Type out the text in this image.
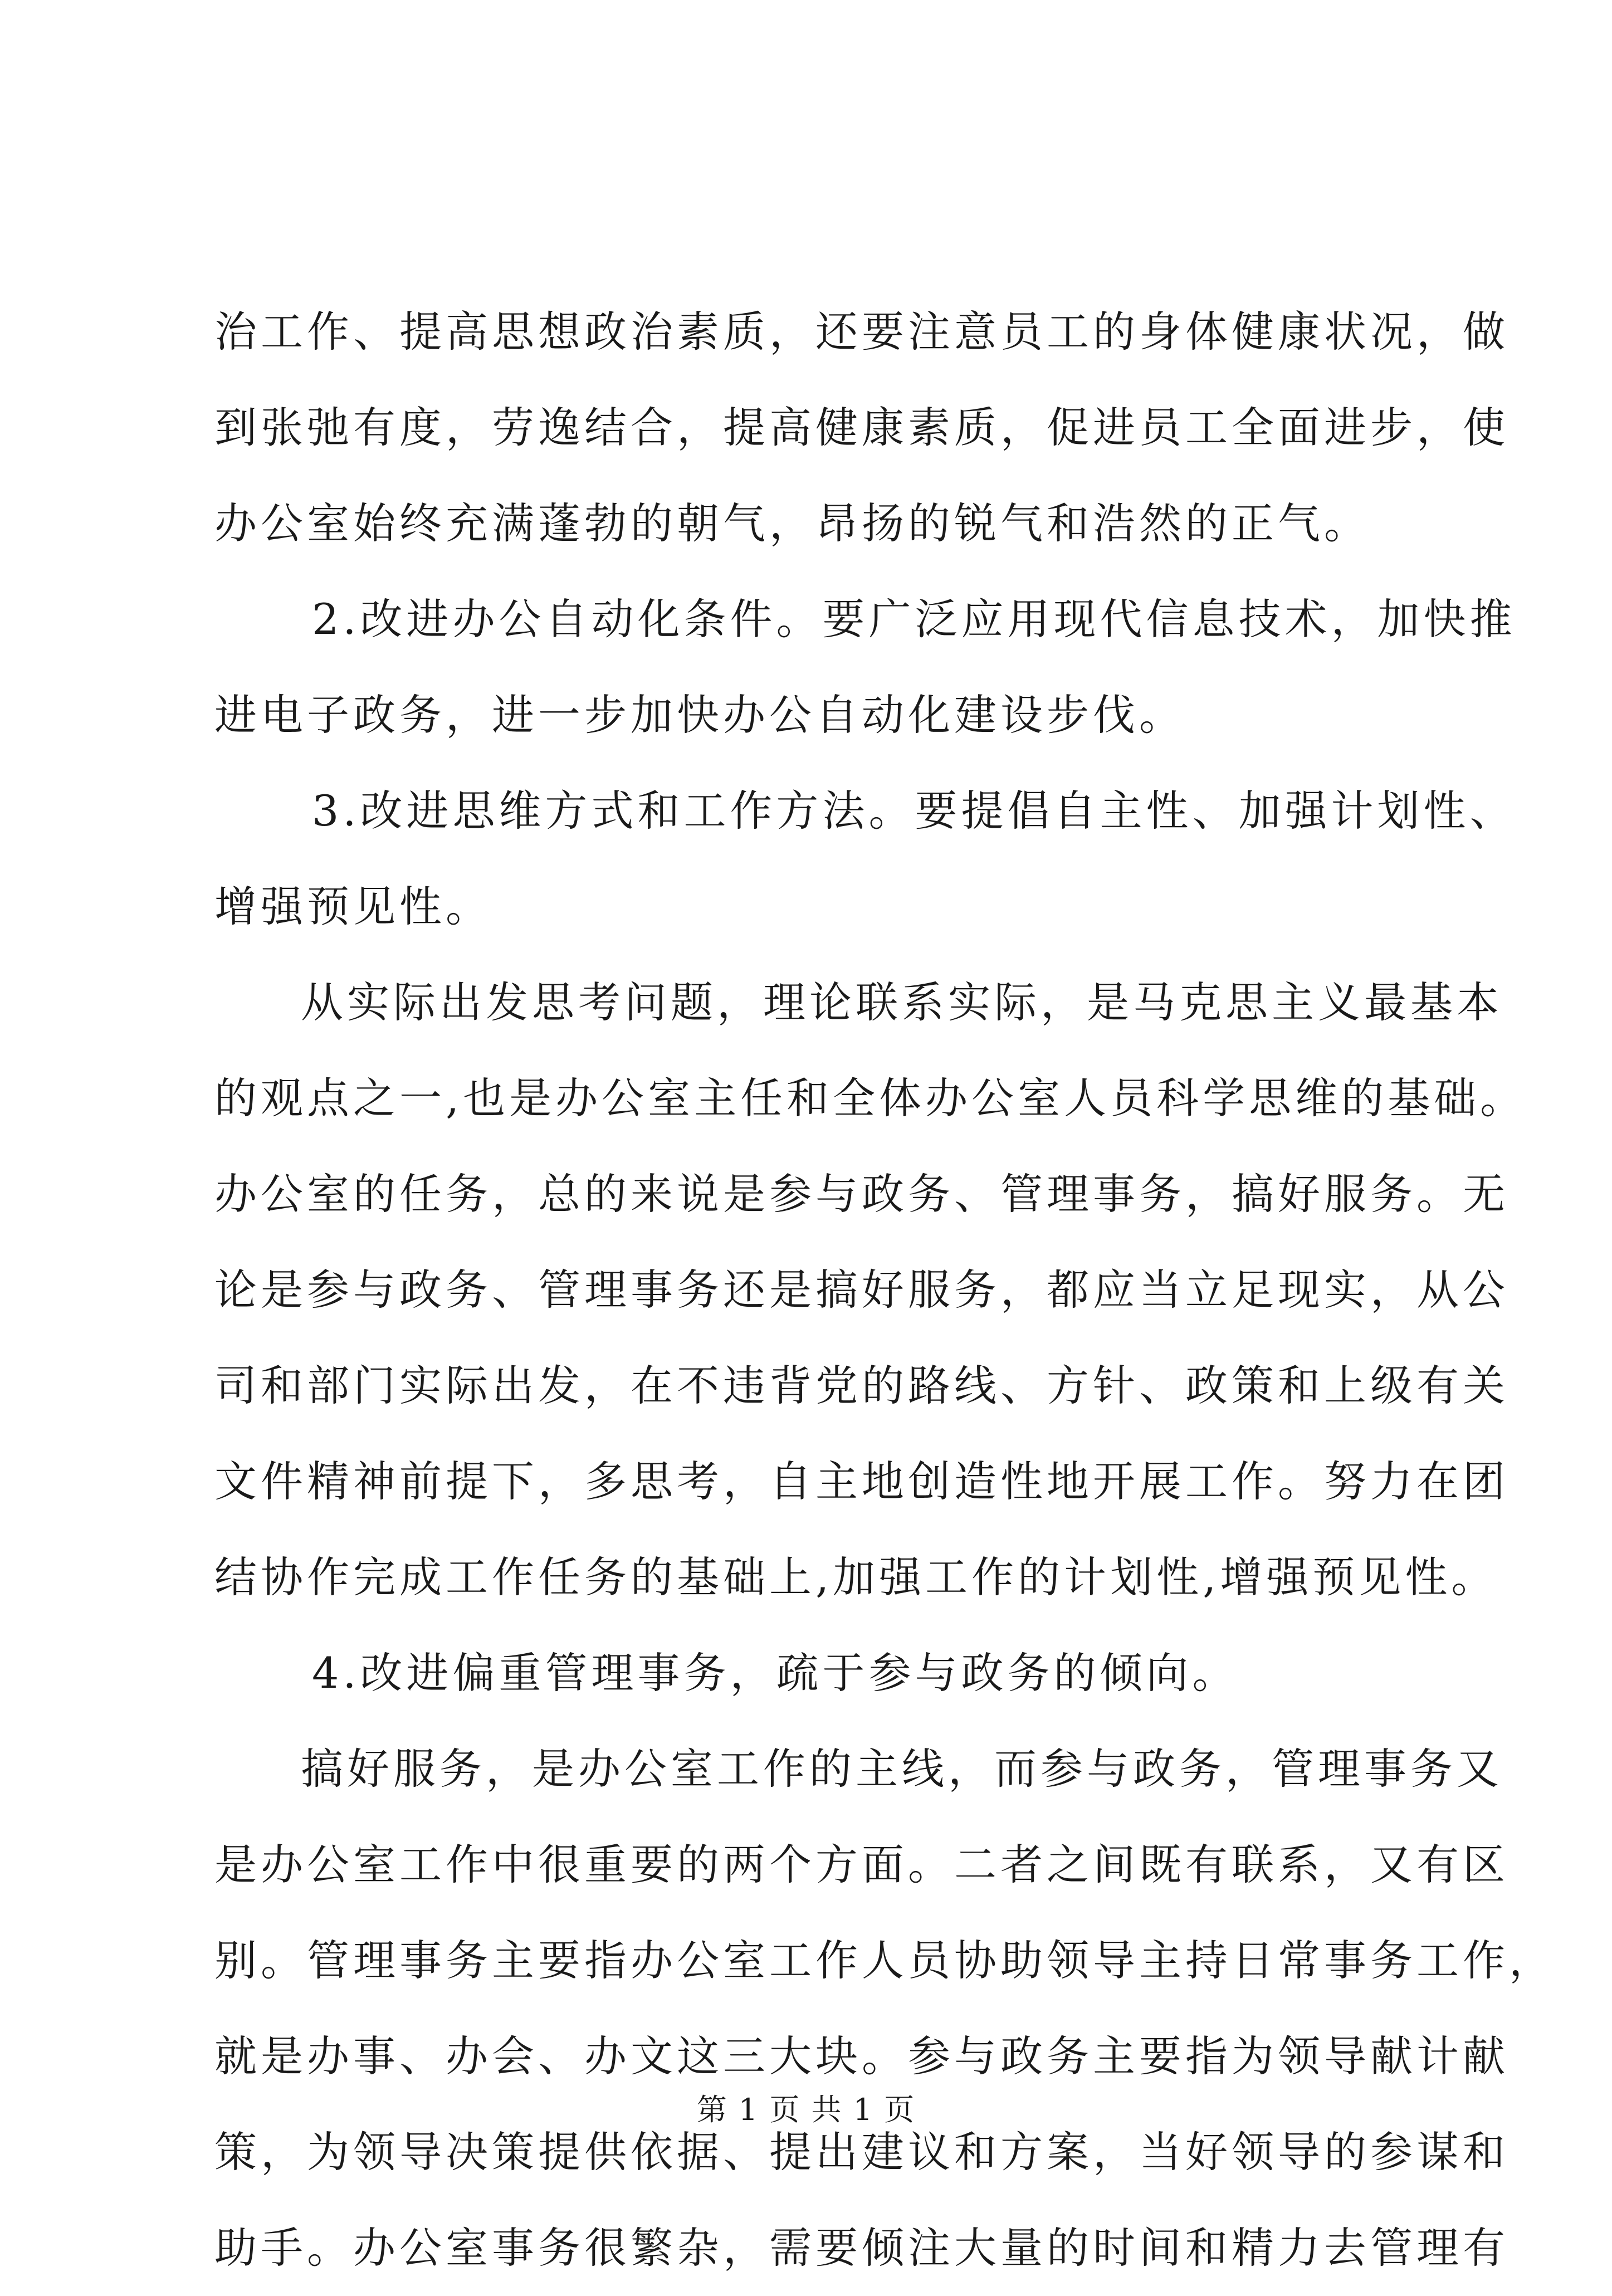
治工作、提高思想政治素质，还要注意员工的身体健康状况，做
到张弛有度，劳逸结合，提高健康素质，促进员工全面进步，使
办公室始终充满蓬勃的朝气，昂扬的锐气和浩然的正气。
2.改进办公自动化条件。要广泛应用现代信息技术，加快推
进电子政务，进一步加快办公自动化建设步伐。
3.改进思维方式和工作方法。要提倡自主性、加强计划性、
增强预见性。
从实际出发思考问题，理论联系实际，是马克思主义最基本
的观点之一,也是办公室主任和全体办公室人员科学思维的基础。
办公室的任务，总的来说是参与政务、管理事务，搞好服务。无
论是参与政务、管理事务还是搞好服务，都应当立足现实，从公
司和部门实际出发，在不违背党的路线、方针、政策和上级有关
文件精神前提下，多思考，自主地创造性地开展工作。努力在团
结协作完成工作任务的基础上,加强工作的计划性,增强预见性。
4.改进偏重管理事务，疏于参与政务的倾向。
搞好服务，是办公室工作的主线，而参与政务，管理事务又
是办公室工作中很重要的两个方面。二者之间既有联系，又有区
别。管理事务主要指办公室工作人员协助领导主持日常事务工作，
就是办事、办会、办文这三大块。参与政务主要指为领导献计献
策，为领导决策提供依据、提出建议和方案，当好领导的参谋和
助手。办公室事务很繁杂，需要倾注大量的时间和精力去管理有
第 1 页 共 1 页
